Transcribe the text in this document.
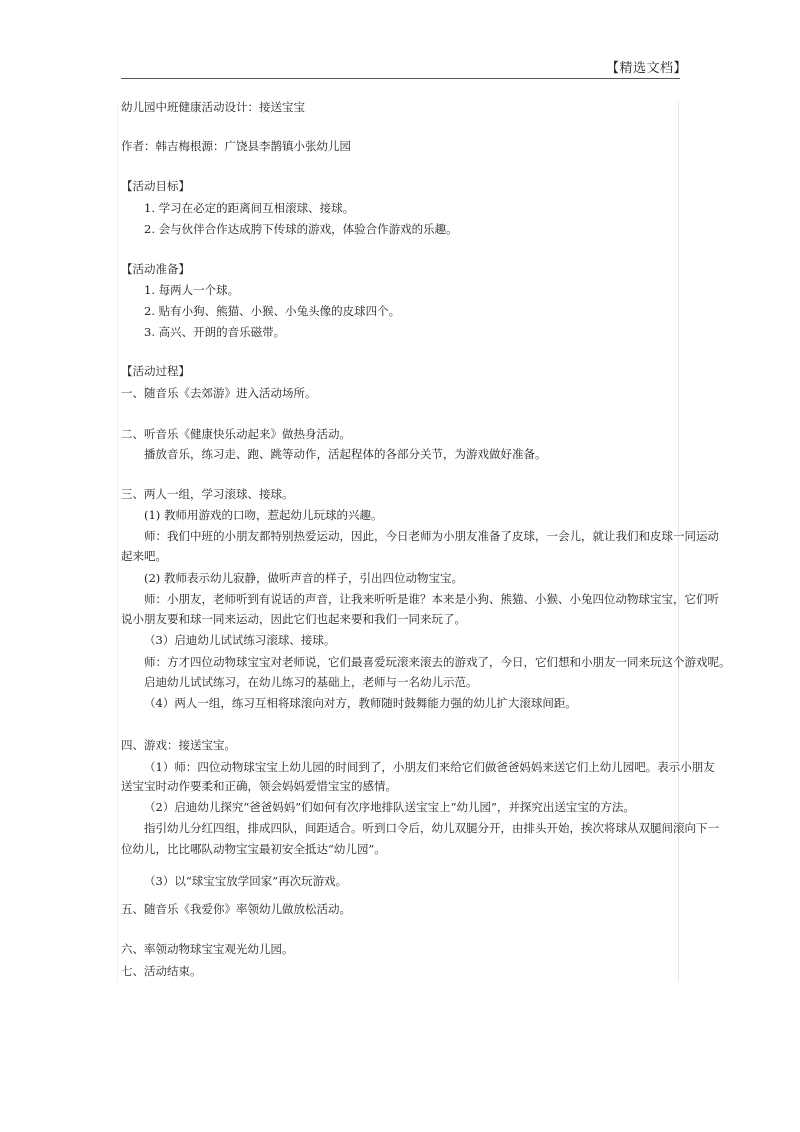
【精选文档】
幼儿园中班健康活动设计：接送宝宝
作者：韩吉梅根源：广饶县李鹊镇小张幼儿园
【活动目标】
1. 学习在必定的距离间互相滚球、接球。
2. 会与伙伴合作达成胯下传球的游戏，体验合作游戏的乐趣。
【活动准备】
1. 每两人一个球。
2. 贴有小狗、熊猫、小猴、小兔头像的皮球四个。
3. 高兴、开朗的音乐磁带。
【活动过程】
一、随音乐《去郊游》进入活动场所。
二、听音乐《健康快乐动起来》做热身活动。
播放音乐，练习走、跑、跳等动作，活起程体的各部分关节，为游戏做好准备。
三、两人一组，学习滚球、接球。
(1) 教师用游戏的口吻，惹起幼儿玩球的兴趣。
师：我们中班的小朋友都特别热爱运动，因此，今日老师为小朋友准备了皮球，一会儿，就让我们和皮球一同运动
起来吧。
(2) 教师表示幼儿寂静，做听声音的样子，引出四位动物宝宝。
师：小朋友，老师听到有说话的声音，让我来听听是谁？本来是小狗、熊猫、小猴、小兔四位动物球宝宝，它们听
说小朋友要和球一同来运动，因此它们也起来要和我们一同来玩了。
（3）启迪幼儿试试练习滚球、接球。
师：方才四位动物球宝宝对老师说，它们最喜爱玩滚来滚去的游戏了，今日，它们想和小朋友一同来玩这个游戏呢。
启迪幼儿试试练习，在幼儿练习的基础上，老师与一名幼儿示范。
（4）两人一组，练习互相将球滚向对方，教师随时鼓舞能力强的幼儿扩大滚球间距。
四、游戏：接送宝宝。
（1）师：四位动物球宝宝上幼儿园的时间到了，小朋友们来给它们做爸爸妈妈来送它们上幼儿园吧。表示小朋友
送宝宝时动作要柔和正确，领会妈妈爱惜宝宝的感情。
（2）启迪幼儿探究“爸爸妈妈”们如何有次序地排队送宝宝上“幼儿园”，并探究出送宝宝的方法。
指引幼儿分红四组，排成四队，间距适合。听到口令后，幼儿双腿分开，由排头开始，挨次将球从双腿间滚向下一
位幼儿，比比哪队动物宝宝最初安全抵达“幼儿园”。
（3）以“球宝宝放学回家”再次玩游戏。
五、随音乐《我爱你》率领幼儿做放松活动。
六、率领动物球宝宝观光幼儿园。
七、活动结束。
